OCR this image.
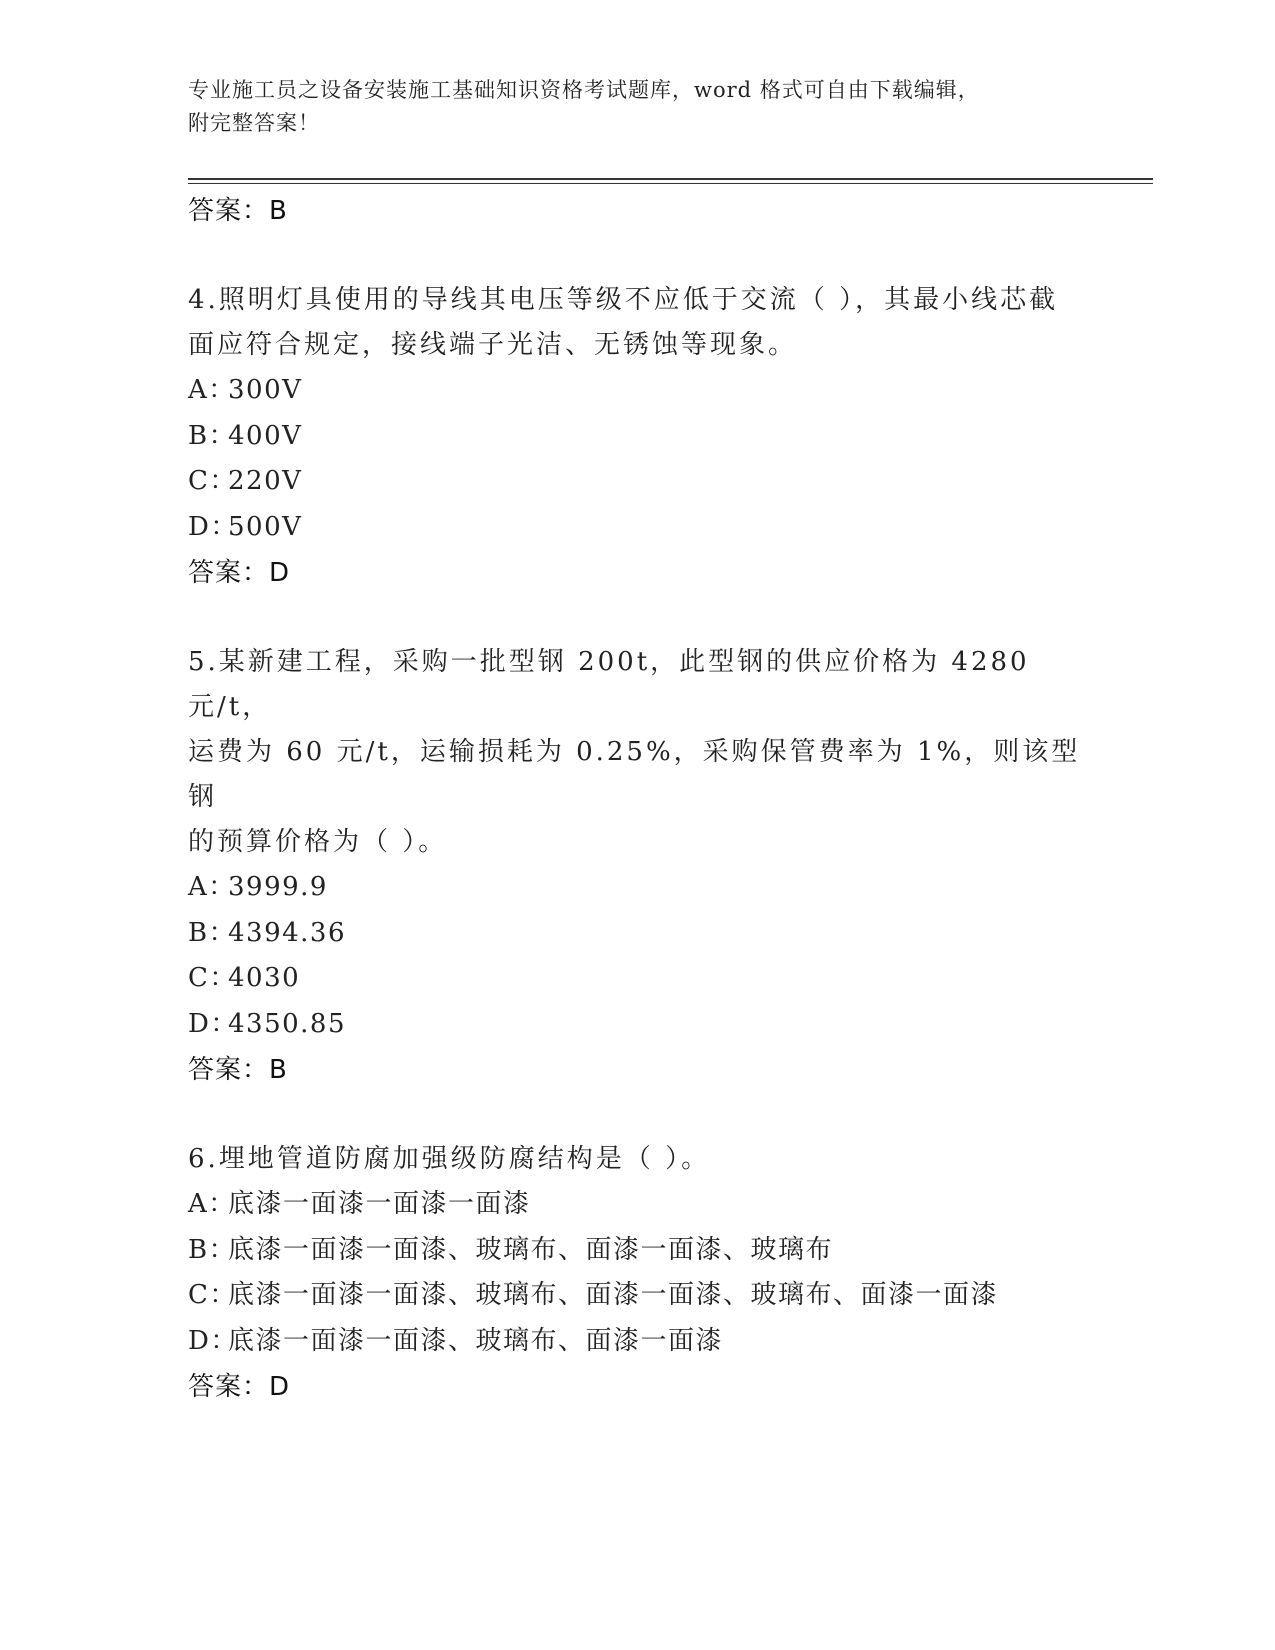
专业施工员之设备安装施工基础知识资格考试题库，word 格式可自由下载编辑，
附完整答案！
答案：B
4.照明灯具使用的导线其电压等级不应低于交流（ ），其最小线芯截
面应符合规定，接线端子光洁、无锈蚀等现象。
A：300V
B：400V
C：220V
D：500V
答案：D
5.某新建工程，采购一批型钢 200t，此型钢的供应价格为 4280 元/t，
运费为 60 元/t，运输损耗为 0.25%，采购保管费率为 1%，则该型钢
的预算价格为（ ）。
A：3999.9
B：4394.36
C：4030
D：4350.85
答案：B
6.埋地管道防腐加强级防腐结构是（ ）。
A：底漆一面漆一面漆一面漆
B：底漆一面漆一面漆、玻璃布、面漆一面漆、玻璃布
C：底漆一面漆一面漆、玻璃布、面漆一面漆、玻璃布、面漆一面漆
D：底漆一面漆一面漆、玻璃布、面漆一面漆
答案：D
